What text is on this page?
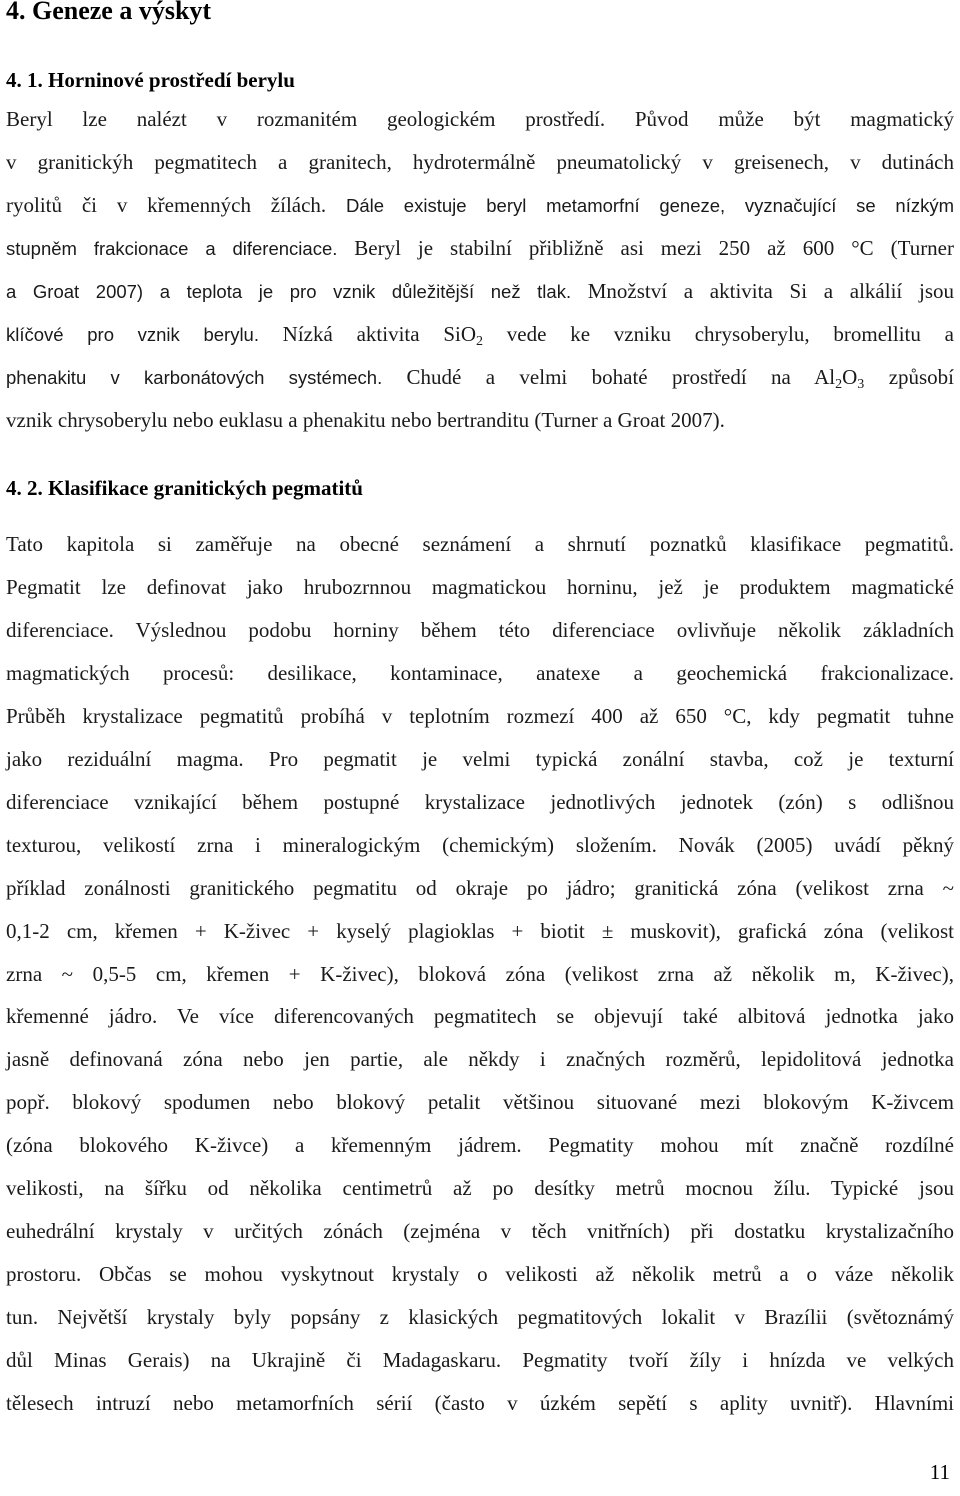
4. Geneze a výskyt
4. 1. Horninové prostředí berylu
Beryl lze nalézt v rozmanitém geologickém prostředí. Původ může být magmatický
v granitickýh pegmatitech a granitech, hydrotermálně pneumatolický v greisenech, v dutinách
ryolitů či v křemenných žílách. Dále existuje beryl metamorfní geneze, vyznačující se nízkým
stupněm frakcionace a diferenciace. Beryl je stabilní přibližně asi mezi 250 až 600 °C (Turner
a Groat 2007) a teplota je pro vznik důležitější než tlak. Množství a aktivita Si a alkálií jsou
klíčové pro vznik berylu. Nízká aktivita SiO$_2$ vede ke vzniku chrysoberylu, bromellitu a
phenakitu v karbonátových systémech. Chudé a velmi bohaté prostředí na $Al_2O_3$ způsobí
vznik chrysoberylu nebo euklasu a phenakitu nebo bertranditu (Turner a Groat 2007).
4. 2. Klasifikace granitických pegmatitů
Tato kapitola si zaměřuje na obecné seznámení a shrnutí poznatků klasifikace pegmatitů.
Pegmatit lze definovat jako hrubozrnnou magmatickou horninu, jež je produktem magmatické
diferenciace. Výslednou podobu horniny během této diferenciace ovlivňuje několik základních
magmatických procesů: desilikace, kontaminace, anatexe a geochemická frakcionalizace.
Průběh krystalizace pegmatitů probíhá v teplotním rozmezí 400 až 650 °C, kdy pegmatit tuhne
jako reziduální magma. Pro pegmatit je velmi typická zonální stavba, což je texturní
diferenciace vznikající během postupné krystalizace jednotlivých jednotek (zón) s odlišnou
texturou, velikostí zrna i mineralogickým (chemickým) složením. Novák (2005) uvádí pěkný
příklad zonálnosti granitického pegmatitu od okraje po jádro; granitická zóna (velikost zrna ~
0,1-2 cm, křemen + K-živec + kyselý plagioklas + biotit ± muskovit), grafická zóna (velikost
zrna ~ 0,5-5 cm, křemen + K-živec), bloková zóna (velikost zrna až několik m, K-živec),
křemenné jádro. Ve více diferencovaných pegmatitech se objevují také albitová jednotka jako
jasně definovaná zóna nebo jen partie, ale někdy i značných rozměrů, lepidolitová jednotka
popř. blokový spodumen nebo blokový petalit většinou situované mezi blokovým K-živcem
(zóna blokového K-živce) a křemenným jádrem. Pegmatity mohou mít značně rozdílné
velikosti, na šířku od několika centimetrů až po desítky metrů mocnou žílu. Typické jsou
euhedrální krystaly v určitých zónách (zejména v těch vnitřních) při dostatku krystalizačního
prostoru. Občas se mohou vyskytnout krystaly o velikosti až několik metrů a o váze několik
tun. Největší krystaly byly popsány z klasických pegmatitových lokalit v Brazílii (světoznámý
důl Minas Gerais) na Ukrajině či Madagaskaru. Pegmatity tvoří žíly i hnízda ve velkých
tělesech intruzí nebo metamorfních sérií (často v úzkém sepětí s aplity uvnitř). Hlavními
11
